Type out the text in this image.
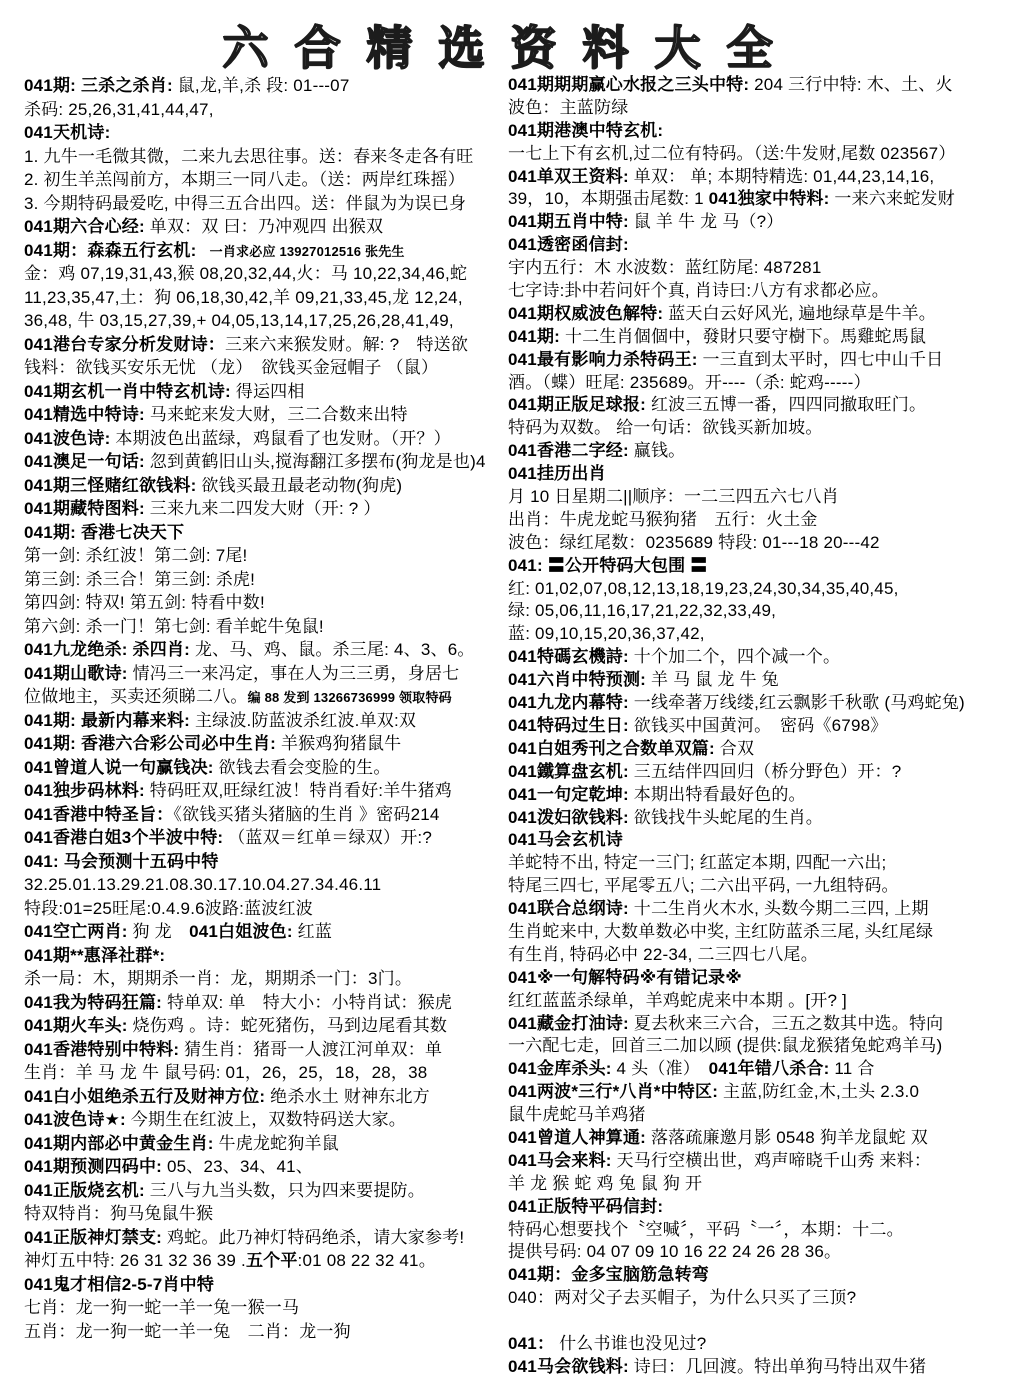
六合精选资料大全
041期: 三杀之杀肖: 鼠,龙,羊,杀 段: 01---07
杀码: 25,26,31,41,44,47,
041天机诗:
1. 九牛一毛微其微，二来九去思往事。送：春来冬走各有旺
2. 初生羊羔闯前方，本期三一同八走。（送：两岸红珠摇）
3. 今期特码最爱吃, 中得三五合出四。送：伴鼠为为误已身
041期六合心经: 单双：双 曰：乃冲观四 出猴双
041期：森森五行玄机:　一肖求必应 13927012516 张先生
金：鸡 07,19,31,43,猴 08,20,32,44,火：马 10,22,34,46,蛇
11,23,35,47,土：狗 06,18,30,42,羊 09,21,33,45,龙 12,24,
36,48, 牛 03,15,27,39,+ 04,05,13,14,17,25,26,28,41,49,
041港台专家分析发财诗：三来六来猴发财。解: ?　特送欲
钱料：欲钱买安乐无忧 （龙）　欲钱买金冠帽子 （鼠）
041期玄机一肖中特玄机诗: 得运四相
041精选中特诗: 马来蛇来发大财，三二合数来出特
041波色诗: 本期波色出蓝绿，鸡鼠看了也发财。（开？）
041澳足一句话: 忽到黄鹤旧山头,搅海翻江多摆布(狗龙是也)4
041期三怪赌红欲钱料: 欲钱买最丑最老动物(狗虎)
041期藏特图料: 三来九来二四发大财（开: ? ）
041期: 香港七决天下
第一剑: 杀红波！第二剑: 7尾!
第三剑: 杀三合！第三剑: 杀虎!
第四剑: 特双! 第五剑: 特看中数!
第六剑: 杀一门！第七剑: 看羊蛇牛兔鼠!
041九龙绝杀: 杀四肖: 龙、马、鸡、鼠。杀三尾: 4、3、6。
041期山歌诗: 情冯三一来冯定，事在人为三三勇，身居七
位做地主，买卖还须睇二八。编 88 发到 13266736999 领取特码
041期: 最新内幕来料: 主绿波.防蓝波杀红波.单双:双
041期: 香港六合彩公司必中生肖: 羊猴鸡狗猪鼠牛
041曾道人说一句赢钱决: 欲钱去看会变脸的生。
041独步码林料: 特码旺双,旺绿红波！特肖看好:羊牛猪鸡
041香港中特圣旨：《欲钱买猪头猪脑的生肖 》密码214
041香港白姐3个半波中特: （蓝双＝红单＝绿双）开:?
041: 马会预测十五码中特
32.25.01.13.29.21.08.30.17.10.04.27.34.46.11
特段:01=25旺尾:0.4.9.6波路:蓝波红波
041空亡两肖: 狗 龙　041白姐波色: 红蓝
041期**惠泽社群*:
杀一局：木，期期杀一肖：龙，期期杀一门：3门。
041我为特码狂篇: 特单双: 单　特大小：小特肖试：猴虎
041期火车头: 烧伤鸡 。诗：蛇死猪伤，马到边尾看其数
041香港特别中特料: 猜生肖：猪哥一人渡江河单双：单
生肖：羊 马 龙 牛 鼠号码: 01，26，25，18，28，38
041白小姐绝杀五行及财神方位: 绝杀水土 财神东北方
041波色诗★: 今期生在红波上，双数特码送大家。
041期内部必中黄金生肖: 牛虎龙蛇狗羊鼠
041期预测四码中: 05、23、34、41、
041正版烧玄机: 三八与九当头数，只为四来要提防。
特双特肖：狗马兔鼠牛猴
041正版神灯禁支: 鸡蛇。此乃神灯特码绝杀，请大家参考!
神灯五中特: 26 31 32 36 39 .五个平:01 08 22 32 41。
041鬼才相信2-5-7肖中特
七肖：龙一狗一蛇一羊一兔一猴一马
五肖：龙一狗一蛇一羊一兔　二肖：龙一狗
041期期期赢心水报之三头中特: 204 三行中特: 木、土、火
波色：主蓝防绿
041期港澳中特玄机:
一七上下有玄机,过二位有特码。（送:牛发财,尾数 023567）
041单双王资料: 单双： 单; 本期特精选: 01,44,23,14,16,
39，10，本期强击尾数: 1 041独家中特料: 一来六来蛇发财
041期五肖中特: 鼠 羊 牛 龙 马（?）
041透密函信封:
宇内五行：木 水波数：蓝红防尾: 487281
七字诗:卦中若问奸个真, 肖诗曰:八方有求都必应。
041期权威波色解特: 蓝天白云好风光, 遍地绿草是牛羊。
041期: 十二生肖個個中，發財只要守樹下。馬雞蛇馬鼠
041最有影响力杀特码王: 一三直到太平时，四七中山千日
酒。（蝶）旺尾: 235689。开----（杀: 蛇鸡-----）
041期正版足球报: 红波三五博一番，四四同撤取旺门。
特码为双数。 给一句话：欲钱买新加坡。
041香港二字经: 赢钱。
041挂历出肖
月 10 日星期二||顺序：一二三四五六七八肖
出肖：牛虎龙蛇马猴狗猪　五行：火土金
波色：绿红尾数：0235689 特段: 01---18 20---42
041: 〓公开特码大包围 〓
红: 01,02,07,08,12,13,18,19,23,24,30,34,35,40,45,
绿: 05,06,11,16,17,21,22,32,33,49,
蓝: 09,10,15,20,36,37,42,
041特碼玄機詩: 十个加二个，四个减一个。
041六肖中特预测: 羊 马 鼠 龙 牛 兔
041九龙内幕特: 一线牵著万线缕,红云飘影千秋歌 (马鸡蛇兔)
041特码过生日: 欲钱买中国黄河。　密码《6798》
041白姐秀刊之合数单双篇: 合双
041鐵算盘玄机: 三五结伴四回归（桥分野色）开：?
041一句定乾坤: 本期出特看最好色的。
041泼妇欲钱料: 欲钱找牛头蛇尾的生肖。
041马会玄机诗
羊蛇特不出, 特定一三门; 红蓝定本期, 四配一六出;
特尾三四七, 平尾零五八; 二六出平码, 一九组特码。
041联合总纲诗: 十二生肖火木水, 头数今期二三四, 上期
生肖蛇来中, 大数单数必中奖, 主红防蓝杀三尾, 头红尾绿
有生肖, 特码必中 22-34, 二三四七八尾。
041※一句解特码※有错记录※
红红蓝蓝杀绿单，羊鸡蛇虎来中本期 。[开? ]
041藏金打油诗: 夏去秋来三六合，三五之数其中选。特向
一六配七走，回首三二加以顾 (提供:鼠龙猴猪兔蛇鸡羊马)
041金库杀头: 4 头（准）　041年错八杀合: 11 合
041两波*三行*八肖*中特区: 主蓝,防红金,木,土头 2.3.0
鼠牛虎蛇马羊鸡猪
041曾道人神算通: 落落疏廉邀月影 0548 狗羊龙鼠蛇 双
041马会来料: 天马行空横出世，鸡声啼晓千山秀 来料：
羊 龙 猴 蛇 鸡 兔 鼠 狗 开
041正版特平码信封:
特码心想要找个〝空喊〞，平码〝一〞，本期：十二。
提供号码: 04 07 09 10 16 22 24 26 28 36。
041期：金多宝脑筋急转弯
040：两对父子去买帽子，为什么只买了三顶?
041： 什么书谁也没见过?
041马会欲钱料: 诗曰：几回渡。特出单狗马特出双牛猪
